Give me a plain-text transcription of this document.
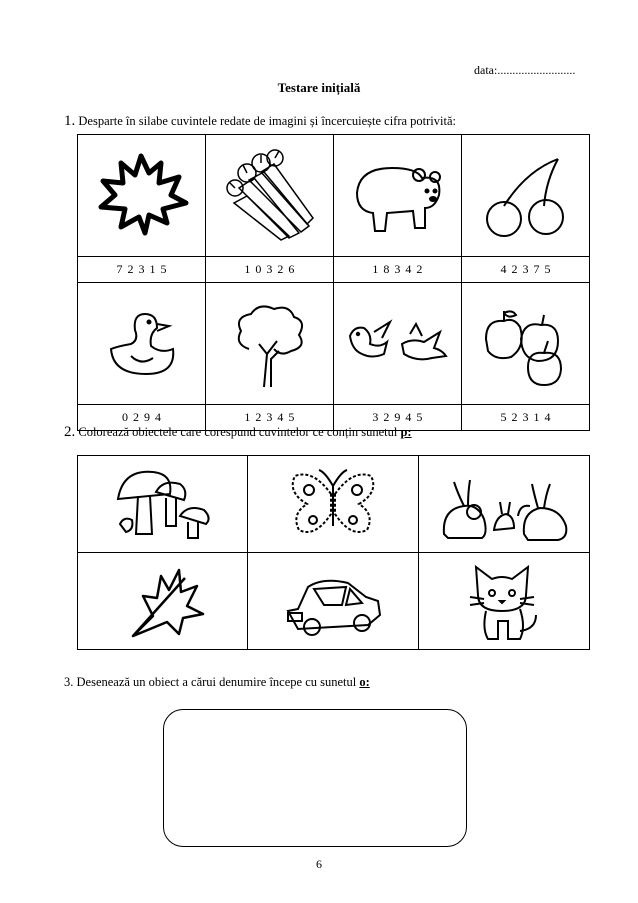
data:..........................
Testare inițială
1. Desparte în silabe cuvintele redate de imagini și încercuiește cifra potrivită:

7 2 3 1 5	1 0 3 2 6	1 8 3 4 2	4 2 3 7 5

0 2 9 4	1 2 3 4 5	3 2 9 4 5	5 2 3 1 4
2. Colorează obiectele care corespund cuvintelor ce conțin sunetul p:

3. Desenează un obiect a cărui denumire începe cu sunetul o:
6
